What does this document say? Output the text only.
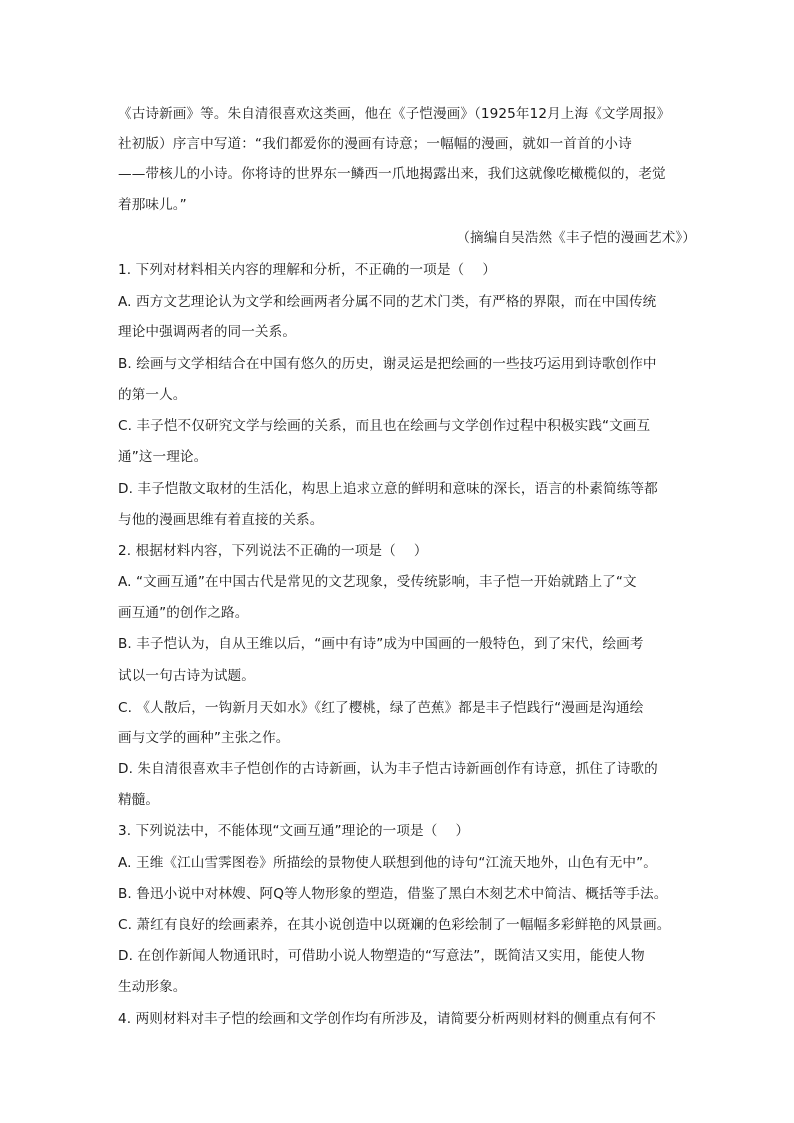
《古诗新画》等。朱自清很喜欢这类画，他在《子恺漫画》（1925年12月上海《文学周报》
社初版）序言中写道：“我们都爱你的漫画有诗意；一幅幅的漫画，就如一首首的小诗
——带核儿的小诗。你将诗的世界东一鳞西一爪地揭露出来，我们这就像吃橄榄似的，老觉
着那味儿。”
（摘编自吴浩然《丰子恺的漫画艺术》）
1. 下列对材料相关内容的理解和分析，不正确的一项是（　 ）
A. 西方文艺理论认为文学和绘画两者分属不同的艺术门类，有严格的界限，而在中国传统
理论中强调两者的同一关系。
B. 绘画与文学相结合在中国有悠久的历史，谢灵运是把绘画的一些技巧运用到诗歌创作中
的第一人。
C. 丰子恺不仅研究文学与绘画的关系，而且也在绘画与文学创作过程中积极实践“文画互
通”这一理论。
D. 丰子恺散文取材的生活化，构思上追求立意的鲜明和意味的深长，语言的朴素简练等都
与他的漫画思维有着直接的关系。
2. 根据材料内容，下列说法不正确的一项是（　 ）
A. “文画互通”在中国古代是常见的文艺现象，受传统影响，丰子恺一开始就踏上了“文
画互通”的创作之路。
B. 丰子恺认为，自从王维以后，“画中有诗”成为中国画的一般特色，到了宋代，绘画考
试以一句古诗为试题。
C. 《人散后，一钩新月天如水》《红了樱桃，绿了芭蕉》都是丰子恺践行“漫画是沟通绘
画与文学的画种”主张之作。
D. 朱自清很喜欢丰子恺创作的古诗新画，认为丰子恺古诗新画创作有诗意，抓住了诗歌的
精髓。
3. 下列说法中，不能体现“文画互通”理论的一项是（　 ）
A. 王维《江山雪霁图卷》所描绘的景物使人联想到他的诗句“江流天地外，山色有无中”。
B. 鲁迅小说中对林嫂、阿Q等人物形象的塑造，借鉴了黑白木刻艺术中简洁、概括等手法。
C. 萧红有良好的绘画素养，在其小说创造中以斑斓的色彩绘制了一幅幅多彩鲜艳的风景画。
D. 在创作新闻人物通讯时，可借助小说人物塑造的“写意法”，既简洁又实用，能使人物
生动形象。
4. 两则材料对丰子恺的绘画和文学创作均有所涉及，请简要分析两则材料的侧重点有何不
